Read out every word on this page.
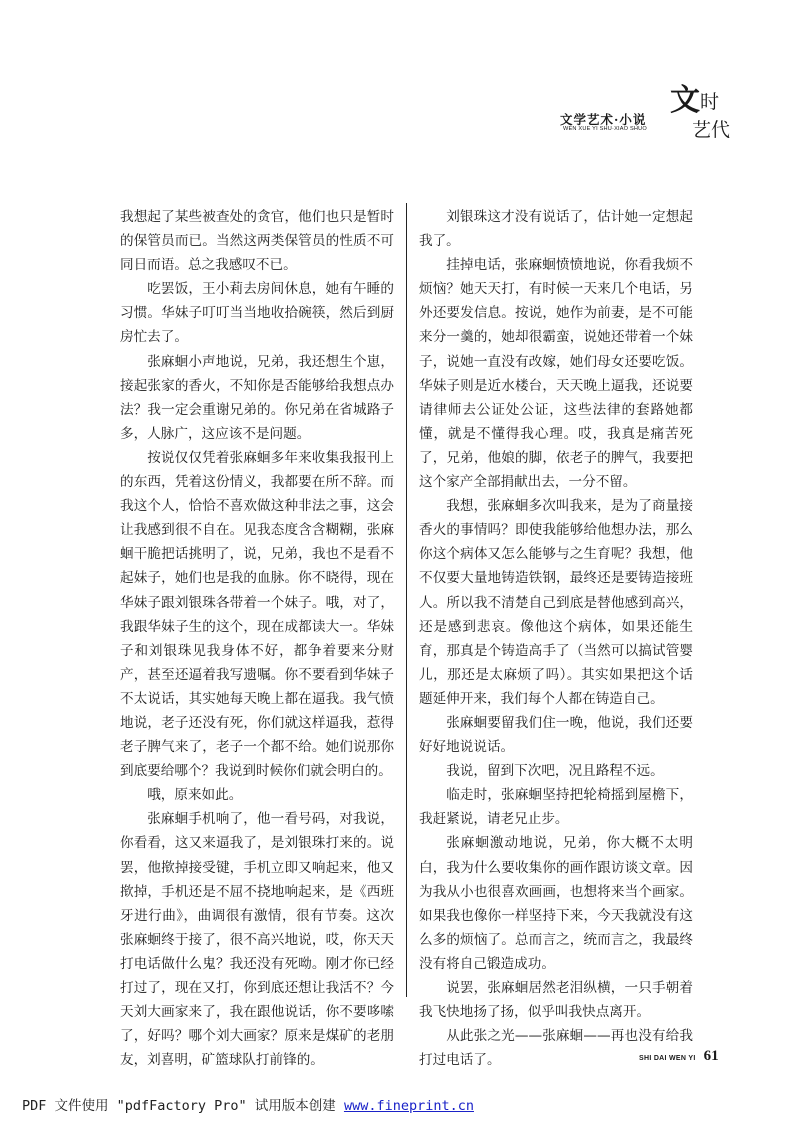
文学艺术·小说
WEN XUE YI SHU·XIAO SHUO
文 时
艺 代

我想起了某些被查处的贪官，他们也只是暂时的保管员而已。当然这两类保管员的性质不可同日而语。总之我感叹不已。

吃罢饭，王小莉去房间休息，她有午睡的习惯。华妹子叮叮当当地收拾碗筷，然后到厨房忙去了。

张麻蛔小声地说，兄弟，我还想生个崽，接起张家的香火，不知你是否能够给我想点办法？我一定会重谢兄弟的。你兄弟在省城路子多，人脉广，这应该不是问题。

按说仅仅凭着张麻蛔多年来收集我报刊上的东西，凭着这份情义，我都要在所不辞。而我这个人，恰恰不喜欢做这种非法之事，这会让我感到很不自在。见我态度含含糊糊，张麻蛔干脆把话挑明了，说，兄弟，我也不是看不起妹子，她们也是我的血脉。你不晓得，现在华妹子跟刘银珠各带着一个妹子。哦，对了，我跟华妹子生的这个，现在成都读大一。华妹子和刘银珠见我身体不好，都争着要来分财产，甚至还逼着我写遗嘱。你不要看到华妹子不太说话，其实她每天晚上都在逼我。我气愤地说，老子还没有死，你们就这样逼我，惹得老子脾气来了，老子一个都不给。她们说那你到底要给哪个？我说到时候你们就会明白的。

哦，原来如此。

张麻蛔手机响了，他一看号码，对我说，你看看，这又来逼我了，是刘银珠打来的。说罢，他揿掉接受键，手机立即又响起来，他又揿掉，手机还是不屈不挠地响起来，是《西班牙进行曲》，曲调很有激情，很有节奏。这次张麻蛔终于接了，很不高兴地说，哎，你天天打电话做什么鬼？我还没有死呦。刚才你已经打过了，现在又打，你到底还想让我活不？今天刘大画家来了，我在跟他说话，你不要哆嗦了，好吗？哪个刘大画家？原来是煤矿的老朋友，刘喜明，矿篮球队打前锋的。

刘银珠这才没有说话了，估计她一定想起我了。

挂掉电话，张麻蛔愤愤地说，你看我烦不烦恼？她天天打，有时候一天来几个电话，另外还要发信息。按说，她作为前妻，是不可能来分一羹的，她却很霸蛮，说她还带着一个妹子，说她一直没有改嫁，她们母女还要吃饭。华妹子则是近水楼台，天天晚上逼我，还说要请律师去公证处公证，这些法律的套路她都懂，就是不懂得我心理。哎，我真是痛苦死了，兄弟，他娘的脚，依老子的脾气，我要把这个家产全部捐献出去，一分不留。

我想，张麻蛔多次叫我来，是为了商量接香火的事情吗？即使我能够给他想办法，那么你这个病体又怎么能够与之生育呢？我想，他不仅要大量地铸造铁钢，最终还是要铸造接班人。所以我不清楚自己到底是替他感到高兴，还是感到悲哀。像他这个病体，如果还能生育，那真是个铸造高手了（当然可以搞试管婴儿，那还是太麻烦了吗）。其实如果把这个话题延伸开来，我们每个人都在铸造自己。

张麻蛔要留我们住一晚，他说，我们还要好好地说说话。

我说，留到下次吧，况且路程不远。

临走时，张麻蛔坚持把轮椅摇到屋檐下，我赶紧说，请老兄止步。

张麻蛔激动地说，兄弟，你大概不太明白，我为什么要收集你的画作跟访谈文章。因为我从小也很喜欢画画，也想将来当个画家。如果我也像你一样坚持下来，今天我就没有这么多的烦恼了。总而言之，统而言之，我最终没有将自己锻造成功。

说罢，张麻蛔居然老泪纵横，一只手朝着我飞快地扬了扬，似乎叫我快点离开。

从此张之光——张麻蛔——再也没有给我打过电话了。	SHI DAI WEN YI 61
PDF 文件使用 "pdfFactory Pro" 试用版本创建 www.fineprint.cn
